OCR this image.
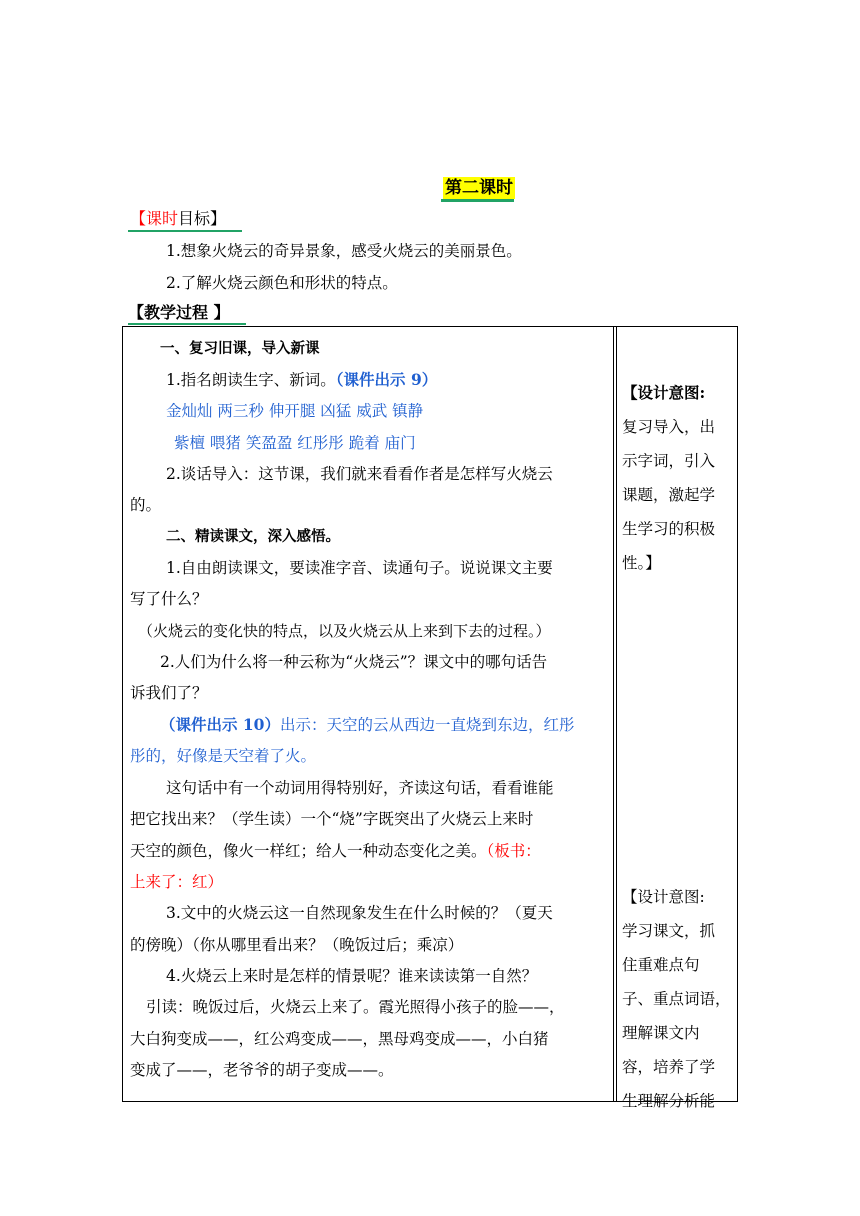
第二课时
【课时目标】
1.想象火烧云的奇异景象，感受火烧云的美丽景色。
2.了解火烧云颜色和形状的特点。
【教学过程 】
一、复习旧课，导入新课
1.指名朗读生字、新词。（课件出示 9）
金灿灿 两三秒 伸开腿 凶猛 威武 镇静
紫檀 喂猪 笑盈盈 红彤彤 跪着 庙门
2.谈话导入：这节课，我们就来看看作者是怎样写火烧云
的。
二、精读课文，深入感悟。
1.自由朗读课文，要读准字音、读通句子。说说课文主要
写了什么？
（火烧云的变化快的特点，以及火烧云从上来到下去的过程。）
2.人们为什么将一种云称为“火烧云”？课文中的哪句话告
诉我们了？
（课件出示 10）出示：天空的云从西边一直烧到东边，红彤
彤的，好像是天空着了火。
这句话中有一个动词用得特别好，齐读这句话，看看谁能
把它找出来？（学生读）一个“烧”字既突出了火烧云上来时
天空的颜色，像火一样红；给人一种动态变化之美。（板书：
上来了：红）
3.文中的火烧云这一自然现象发生在什么时候的？（夏天
的傍晚）（你从哪里看出来？（晚饭过后；乘凉）
4.火烧云上来时是怎样的情景呢？谁来读读第一自然？
引读：晚饭过后，火烧云上来了。霞光照得小孩子的脸——，
大白狗变成——，红公鸡变成——，黑母鸡变成——，小白猪
变成了——，老爷爷的胡子变成——。
【设计意图:
复习导入，出
示字词，引入
课题，激起学
生学习的积极
性。】
【设计意图:
学习课文，抓
住重难点句
子、重点词语，
理解课文内
容，培养了学
生理解分析能
